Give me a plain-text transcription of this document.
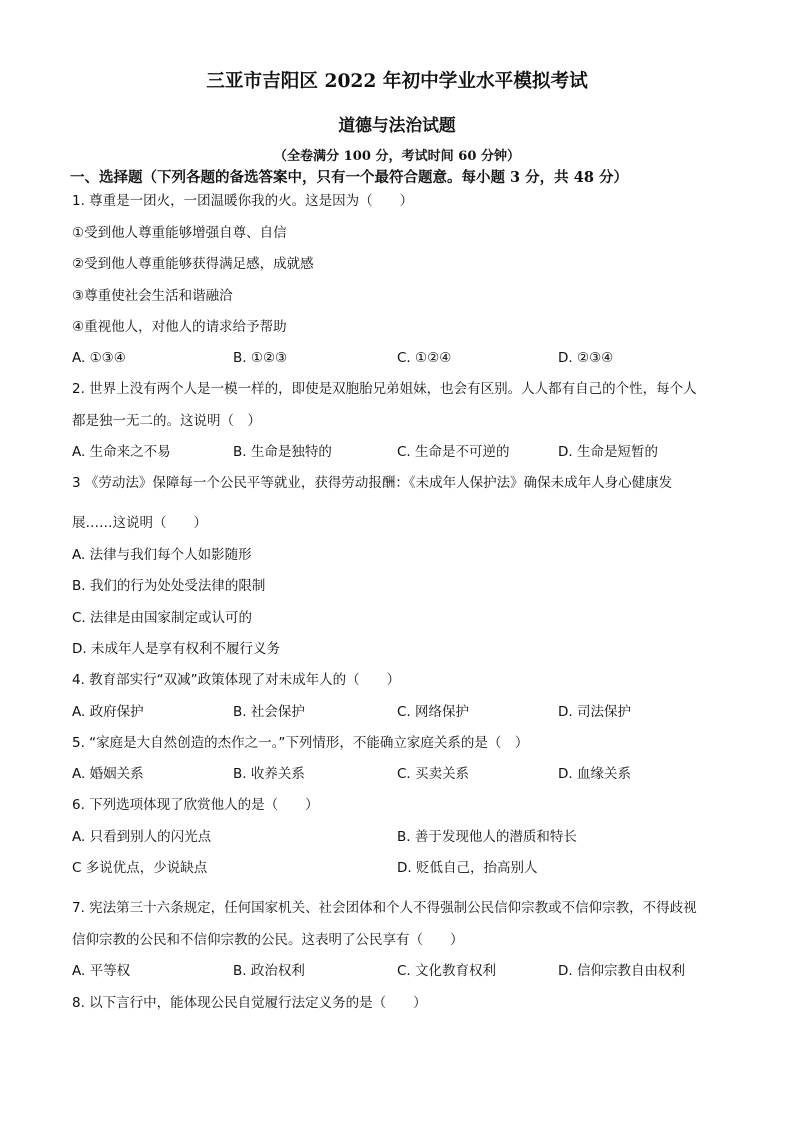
三亚市吉阳区 2022 年初中学业水平模拟考试
道德与法治试题
（全卷满分 100 分，考试时间 60 分钟）
一、选择题（下列各题的备选答案中，只有一个最符合题意。每小题 3 分，共 48 分）
1. 尊重是一团火，一团温暖你我的火。这是因为（　　）
①受到他人尊重能够增强自尊、自信
②受到他人尊重能够获得满足感，成就感
③尊重使社会生活和谐融洽
④重视他人，对他人的请求给予帮助
A. ①③④	B. ①②③	C. ①②④	D. ②③④
2. 世界上没有两个人是一模一样的，即使是双胞胎兄弟姐妹，也会有区别。人人都有自己的个性，每个人
都是独一无二的。这说明（　）
A. 生命来之不易	B. 生命是独特的	C. 生命是不可逆的	D. 生命是短暂的
3 《劳动法》保障每一个公民平等就业，获得劳动报酬：《未成年人保护法》确保未成年人身心健康发
展……这说明（　　）
A. 法律与我们每个人如影随形
B. 我们的行为处处受法律的限制
C. 法律是由国家制定或认可的
D. 未成年人是享有权利不履行义务
4. 教育部实行“双减”政策体现了对未成年人的（　　）
A. 政府保护	B. 社会保护	C. 网络保护	D. 司法保护
5. “家庭是大自然创造的杰作之一。”下列情形，不能确立家庭关系的是（　）
A. 婚姻关系	B. 收养关系	C. 买卖关系	D. 血缘关系
6. 下列选项体现了欣赏他人的是（　　）
A. 只看到别人的闪光点	B. 善于发现他人的潜质和特长
C 多说优点，少说缺点	D. 贬低自己，抬高别人
7. 宪法第三十六条规定，任何国家机关、社会团体和个人不得强制公民信仰宗教或不信仰宗教，不得歧视
信仰宗教的公民和不信仰宗教的公民。这表明了公民享有（　　）
A. 平等权	B. 政治权利	C. 文化教育权利	D. 信仰宗教自由权利
8. 以下言行中，能体现公民自觉履行法定义务的是（　　）
